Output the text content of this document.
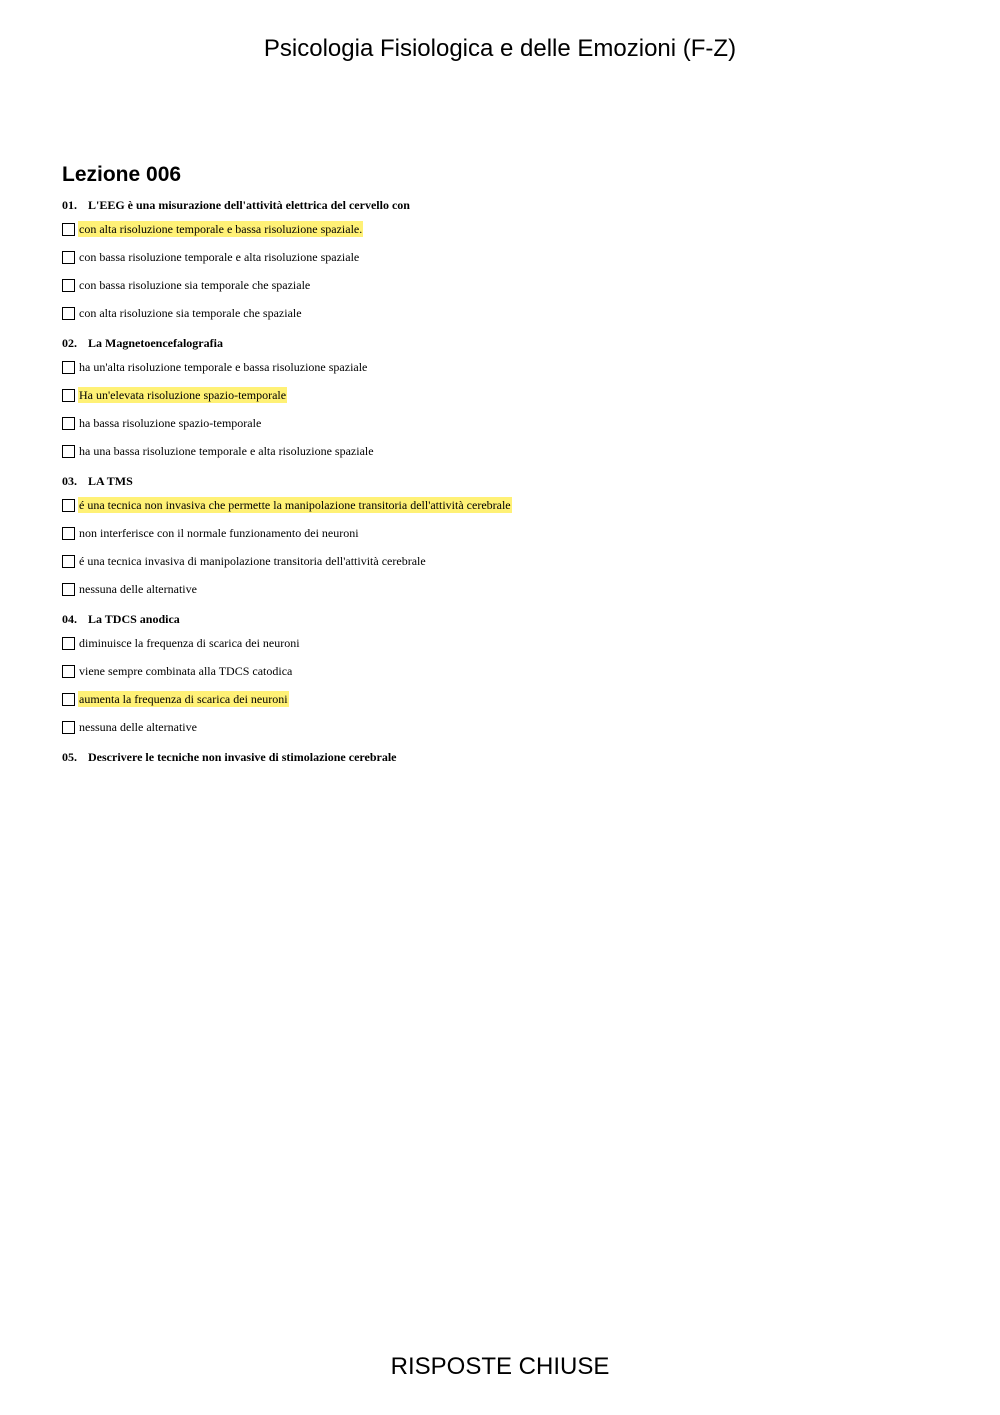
Psicologia Fisiologica e delle Emozioni (F-Z)
Lezione 006
01. L'EEG è una misurazione dell'attività elettrica del cervello con
con alta risoluzione temporale e bassa risoluzione spaziale.
con bassa risoluzione temporale e alta risoluzione spaziale
con bassa risoluzione sia temporale che spaziale
con alta risoluzione sia temporale che spaziale
02. La Magnetoencefalografia
ha un'alta risoluzione temporale e bassa risoluzione spaziale
Ha un'elevata risoluzione spazio-temporale
ha bassa risoluzione spazio-temporale
ha una bassa risoluzione temporale e alta risoluzione spaziale
03. LA TMS
é una tecnica non invasiva che permette la manipolazione transitoria dell'attività cerebrale
non interferisce con il normale funzionamento dei neuroni
é una tecnica invasiva di manipolazione transitoria dell'attività cerebrale
nessuna delle alternative
04. La TDCS anodica
diminuisce la frequenza di scarica dei neuroni
viene sempre combinata alla TDCS catodica
aumenta la frequenza di scarica dei neuroni
nessuna delle alternative
05. Descrivere le tecniche non invasive di stimolazione cerebrale
RISPOSTE CHIUSE
